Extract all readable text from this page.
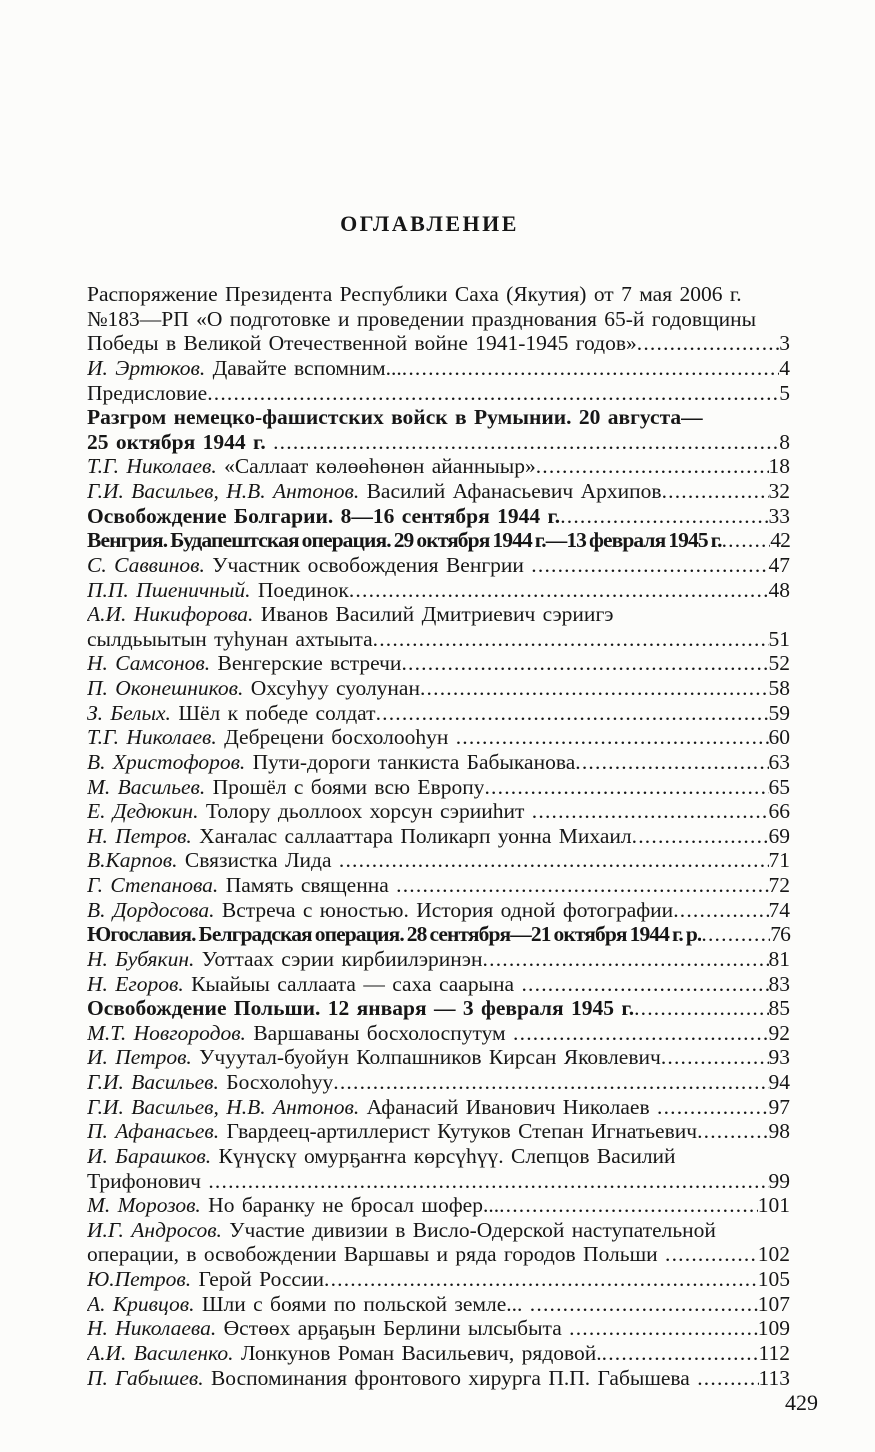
ОГЛАВЛЕНИЕ
Распоряжение Президента Республики Саха (Якутия) от 7 мая 2006 г.
№183—РП «О подготовке и проведении празднования 65-й годовщины
Победы в Великой Отечественной войне 1941-1945 годов» .....	3
И. Эртюков. Давайте вспомним... .....	4
Предисловие .....	5
Разгром немецко-фашистских войск в Румынии. 20 августа—
25 октября 1944 г. .....	8
Т.Г. Николаев. «Саллаат көлөөһөнөн айанныыр» .....	18
Г.И. Васильев, Н.В. Антонов. Василий Афанасьевич Архипов .....	32
Освобождение Болгарии. 8—16 сентября 1944 г. .....	33
Венгрия. Будапештская операция. 29 октября 1944 г.—13 февраля 1945 г. ..... 42
С. Саввинов. Участник освобождения Венгрии .....	47
П.П. Пшеничный. Поединок .....	48
А.И. Никифорова. Иванов Василий Дмитриевич сэриигэ
сылдьыытын туһунан ахтыыта .....	51
Н. Самсонов. Венгерские встречи .....	52
П. Оконешников. Охсуһуу суолунан .....	58
З. Белых. Шёл к победе солдат .....	59
Т.Г. Николаев. Дебрецени босхолооһун .....	60
В. Христофоров. Пути-дороги танкиста Бабыканова .....	63
М. Васильев. Прошёл с боями всю Европу .....	65
Е. Дедюкин. Толору дьоллоох хорсун сэрииһит .....	66
Н. Петров. Хаҥалас саллааттара Поликарп уонна Михаил .....	69
В.Карпов. Связистка Лида .....	71
Г. Степанова. Память священна .....	72
В. Дордосова. Встреча с юностью. История одной фотографии .....	74
Югославия. Белградская операция. 28 сентября—21 октября 1944 г. р. .....	76
Н. Бубякин. Уоттаах сэрии кирбиилэринэн .....	81
Н. Егоров. Кыайыы саллаата — саха саарына .....	83
Освобождение Польши. 12 января — 3 февраля 1945 г. .....	85
М.Т. Новгородов. Варшаваны босхолоспутум .....	92
И. Петров. Учуутал-буойун Колпашников Кирсан Яковлевич .....	93
Г.И. Васильев. Босхолоһуу .....	94
Г.И. Васильев, Н.В. Антонов. Афанасий Иванович Николаев .....	97
П. Афанасьев. Гвардеец-артиллерист Кутуков Степан Игнатьевич .....	98
И. Барашков. Күнүскү омурҕаҥҥа көрсүһүү. Слепцов Василий
Трифонович .....	99
М. Морозов. Но баранку не бросал шофер... .....	101
И.Г. Андросов. Участие дивизии в Висло-Одерской наступательной
операции, в освобождении Варшавы и ряда городов Польши .....	102
Ю.Петров. Герой России .....	105
А. Кривцов. Шли с боями по польской земле... .....	107
Н. Николаева. Өстөөх арҕаҕын Берлини ылсыбыта .....	109
А.И. Василенко. Лонкунов Роман Васильевич, рядовой. .....	112
П. Габышев. Воспоминания фронтового хирурга П.П. Габышева .....	113
429
